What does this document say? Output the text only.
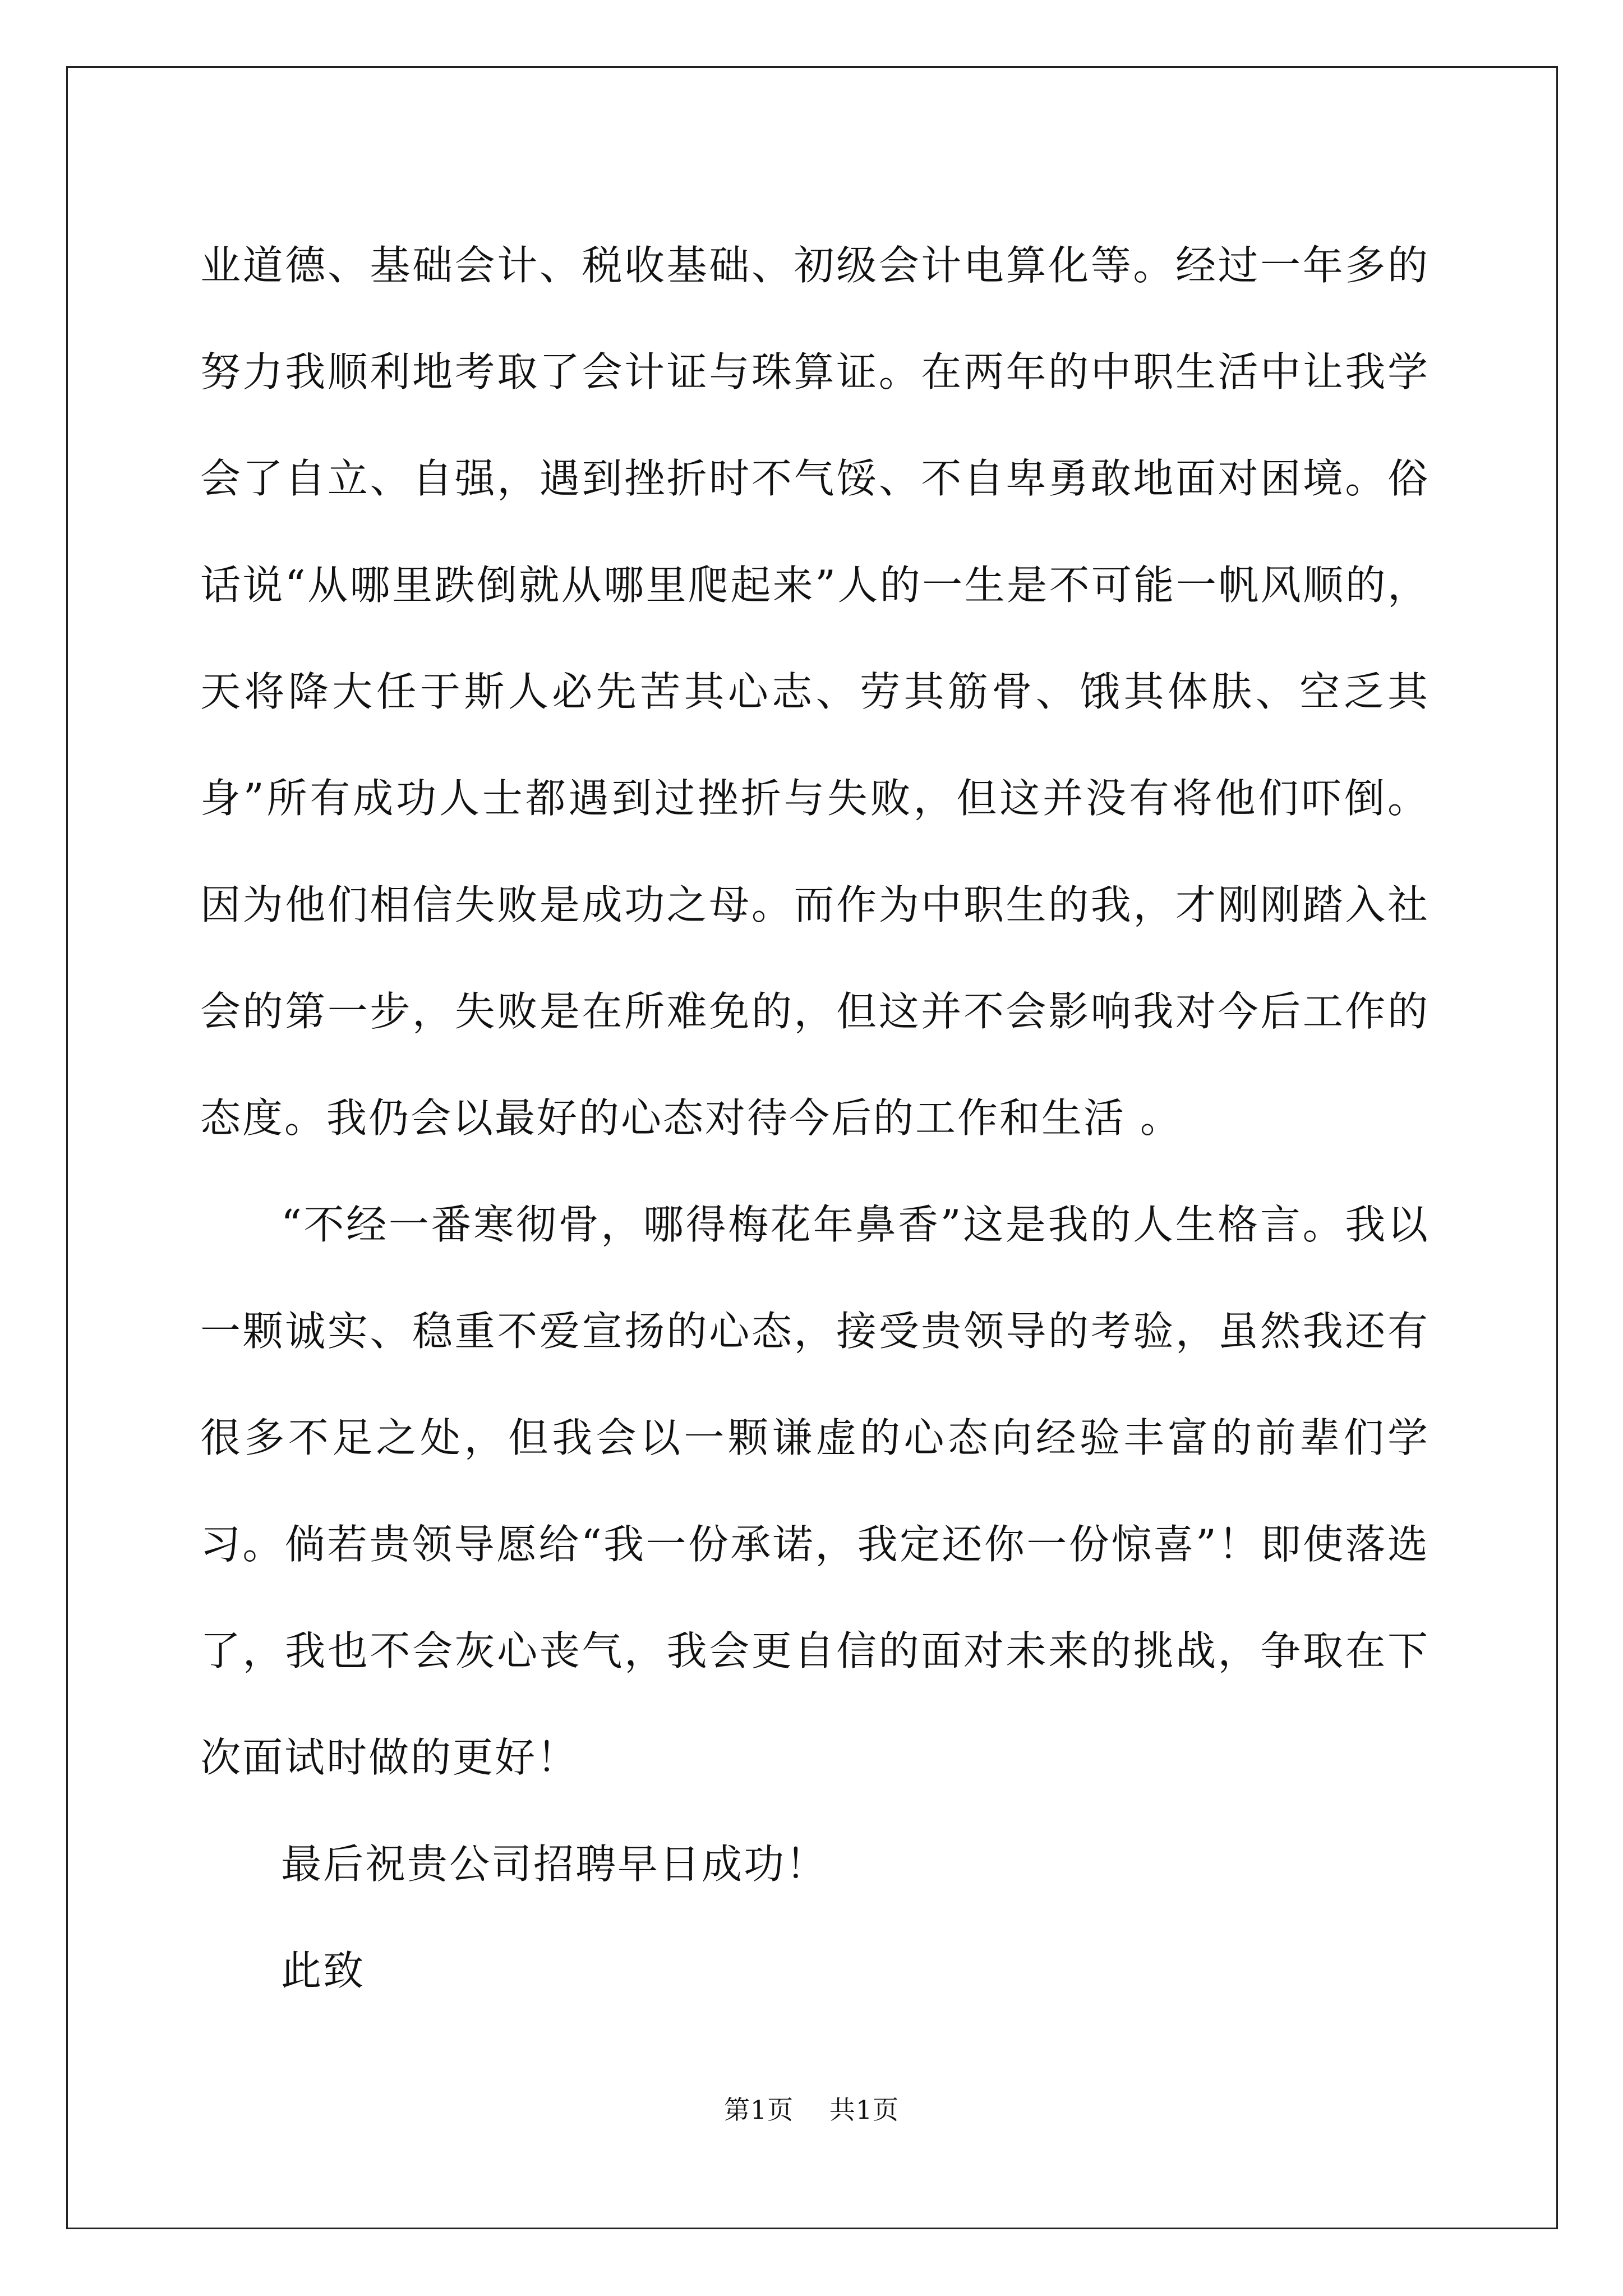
业道德、基础会计、税收基础、初级会计电算化等。经过一年多的努力我顺利地考取了会计证与珠算证。在两年的中职生活中让我学会了自立、自强，遇到挫折时不气馁、不自卑勇敢地面对困境。俗话说“从哪里跌倒就从哪里爬起来”人的一生是不可能一帆风顺的，天将降大任于斯人必先苦其心志、劳其筋骨、饿其体肤、空乏其身”所有成功人士都遇到过挫折与失败，但这并没有将他们吓倒。因为他们相信失败是成功之母。而作为中职生的我，才刚刚踏入社会的第一步，失败是在所难免的，但这并不会影响我对今后工作的态度。我仍会以最好的心态对待今后的工作和生活 。

“不经一番寒彻骨，哪得梅花年鼻香”这是我的人生格言。我以一颗诚实、稳重不爱宣扬的心态，接受贵领导的考验，虽然我还有很多不足之处，但我会以一颗谦虚的心态向经验丰富的前辈们学习。倘若贵领导愿给“我一份承诺，我定还你一份惊喜”！即使落选了，我也不会灰心丧气，我会更自信的面对未来的挑战，争取在下次面试时做的更好！

最后祝贵公司招聘早日成功！

此致

第1页 共1页
